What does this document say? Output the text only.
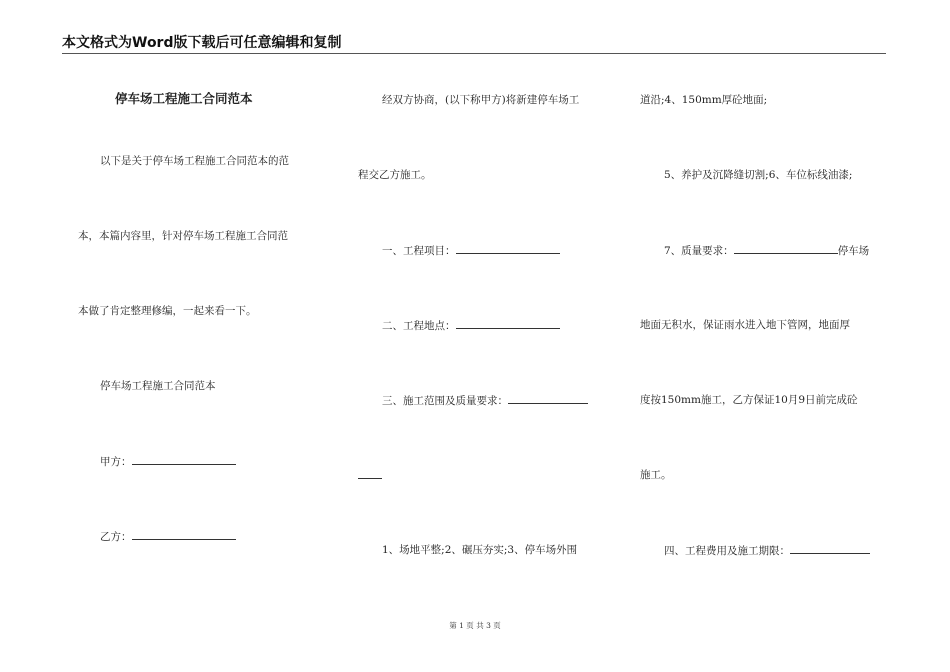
本文格式为Word版下载后可任意编辑和复制
停车场工程施工合同范本
以下是关于停车场工程施工合同范本的范
本，本篇内容里，针对停车场工程施工合同范
本做了肯定整理修编，一起来看一下。
停车场工程施工合同范本
甲方：
乙方：
经双方协商，(以下称甲方)将新建停车场工
程交乙方施工。
一、工程项目：
二、工程地点：
三、施工范围及质量要求：
1、场地平整;2、碾压夯实;3、停车场外围
道沿;4、150mm厚砼地面;
5、养护及沉降缝切割;6、车位标线油漆;
7、质量要求：	停车场
地面无积水，保证雨水进入地下管网，地面厚
度按150mm施工，乙方保证10月9日前完成砼
施工。
四、工程费用及施工期限：
第 1 页 共 3 页
